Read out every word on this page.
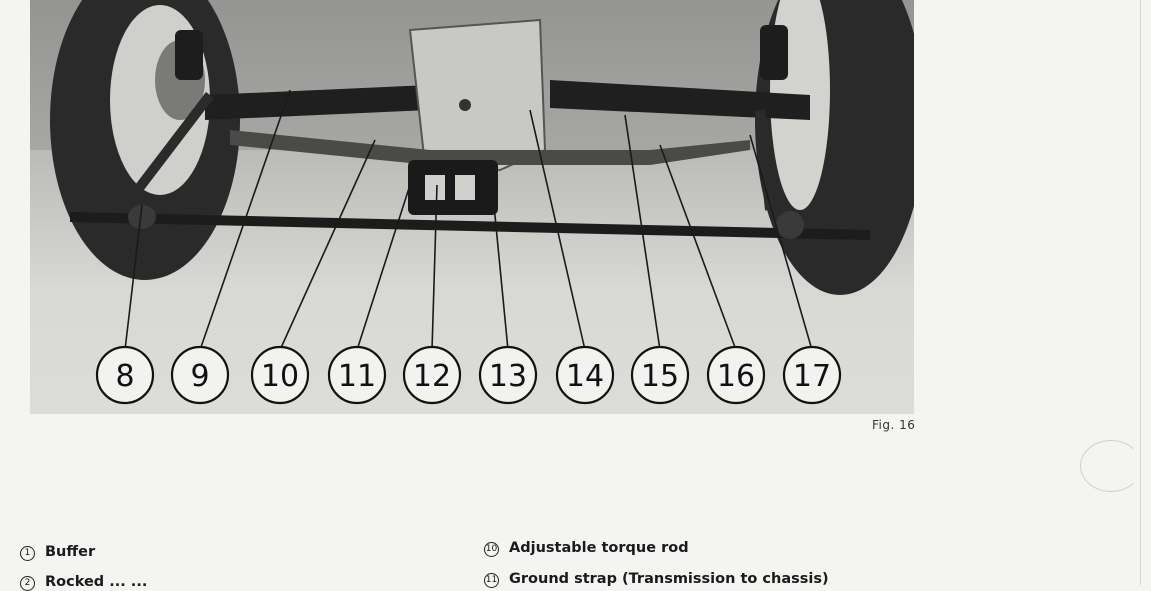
8 9 10 11 12 13 14 15 16 17
Fig. 16
1 Buffer
2 Rocked ... ...
10 Adjustable torque rod
11 Ground strap (Transmission to chassis)
